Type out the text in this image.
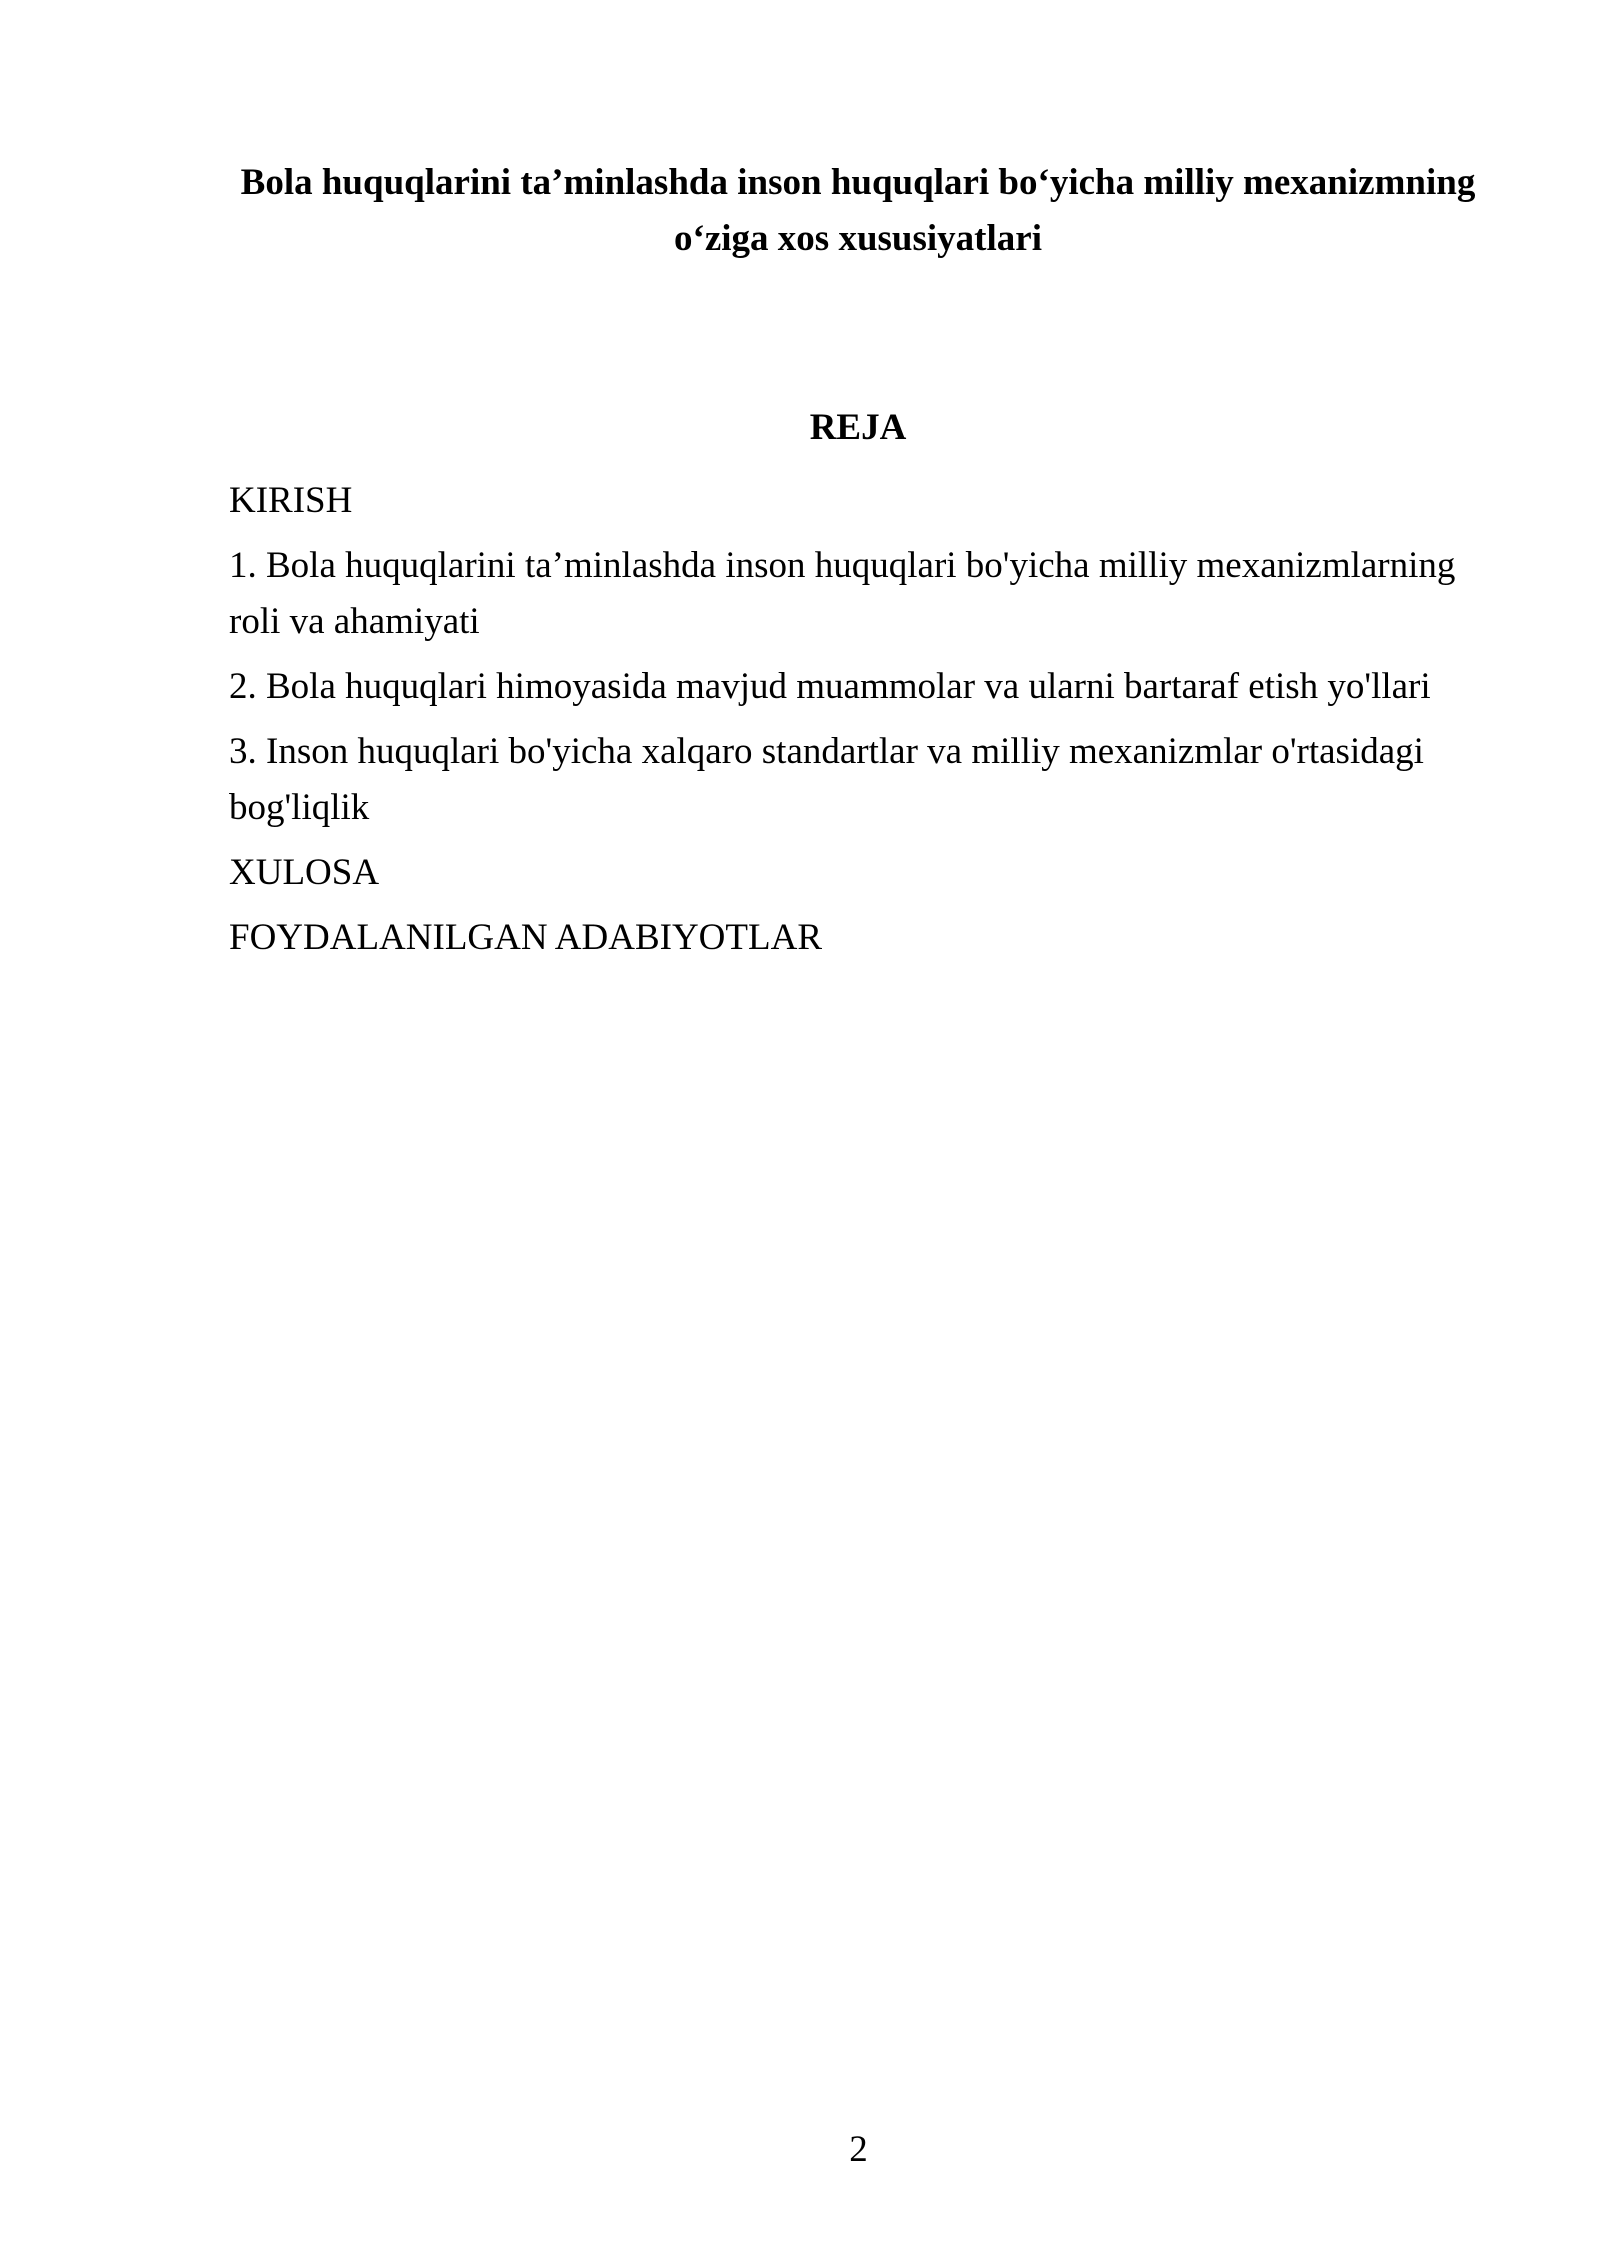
Bola huquqlarini ta’minlashda inson huquqlari bo‘yicha milliy mexanizmning
o‘ziga xos xususiyatlari
REJA
KIRISH
1. Bola huquqlarini ta’minlashda inson huquqlari bo'yicha milliy mexanizmlarning roli va ahamiyati
2. Bola huquqlari himoyasida mavjud muammolar va ularni bartaraf etish yo'llari
3. Inson huquqlari bo'yicha xalqaro standartlar va milliy mexanizmlar o'rtasidagi bog'liqlik
XULOSA
FOYDALANILGAN ADABIYOTLAR
2
